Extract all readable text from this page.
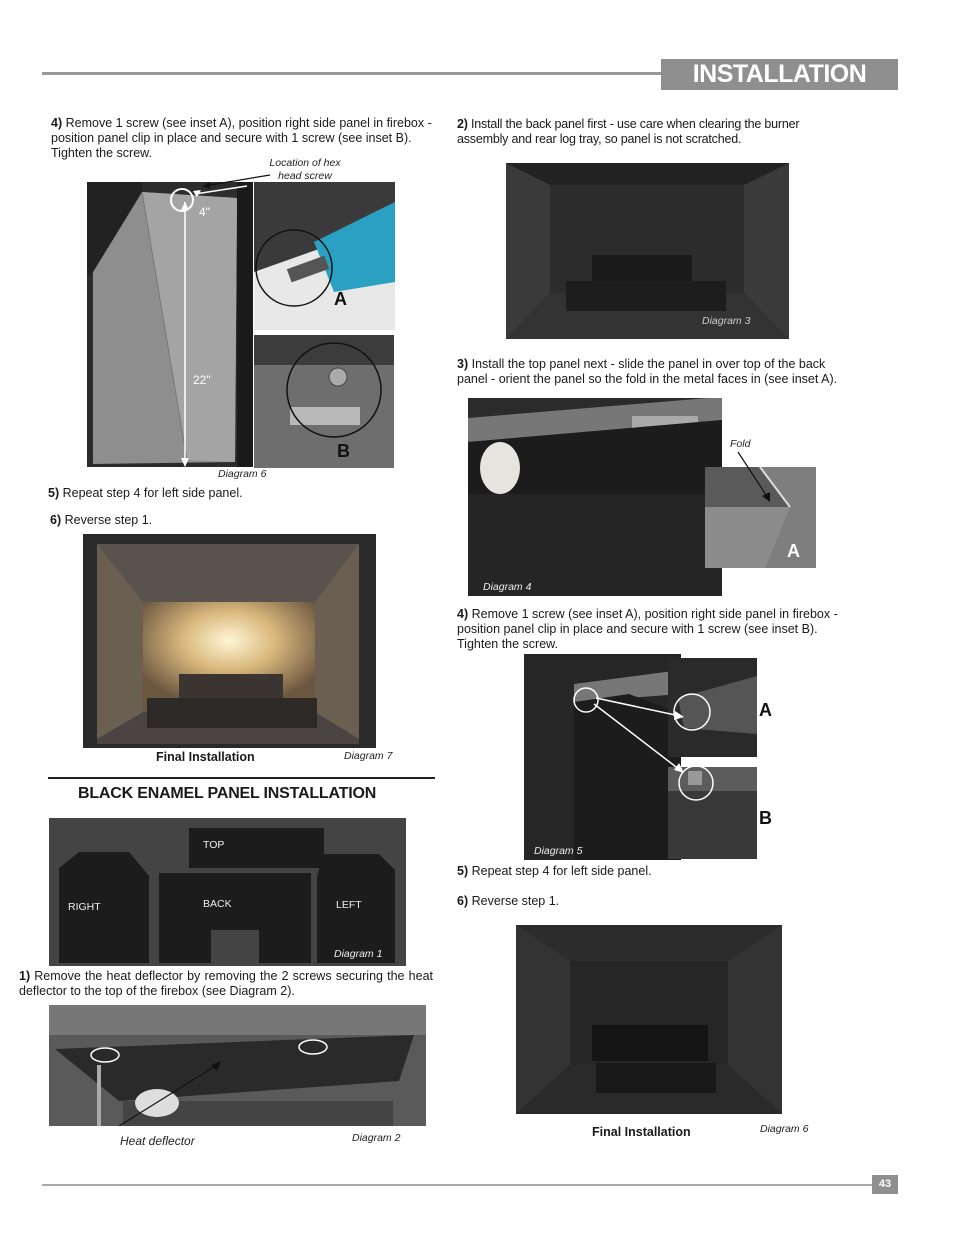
INSTALLATION
43
4) Remove 1 screw (see inset A), position right side panel in firebox - position panel clip in place and secure with 1 screw (see inset B). Tighten the screw.
Location of hex head screw
4"
22"
A
B
Diagram 6
5) Repeat step 4 for left side panel.
6) Reverse step 1.
Final Installation	Diagram 7
BLACK ENAMEL PANEL INSTALLATION
TOP
RIGHT	BACK	LEFT
Diagram 1
1) Remove the heat deflector by removing the 2 screws securing the heat deflector to the top of the firebox (see Diagram 2).
Heat deflector	Diagram 2
2) Install the back panel first - use care when clearing the burner assembly and rear log tray, so panel is not scratched.
Diagram 3
3) Install the top panel next - slide the panel in over top of the back panel - orient the panel so the fold in the metal faces in (see inset A).
Diagram 4
Fold
A
4) Remove 1 screw (see inset A), position right side panel in firebox - position panel clip in place and secure with 1 screw (see inset B). Tighten the screw.
A
B
Diagram 5
5) Repeat step 4 for left side panel.
6) Reverse step 1.
Final Installation	Diagram 6
